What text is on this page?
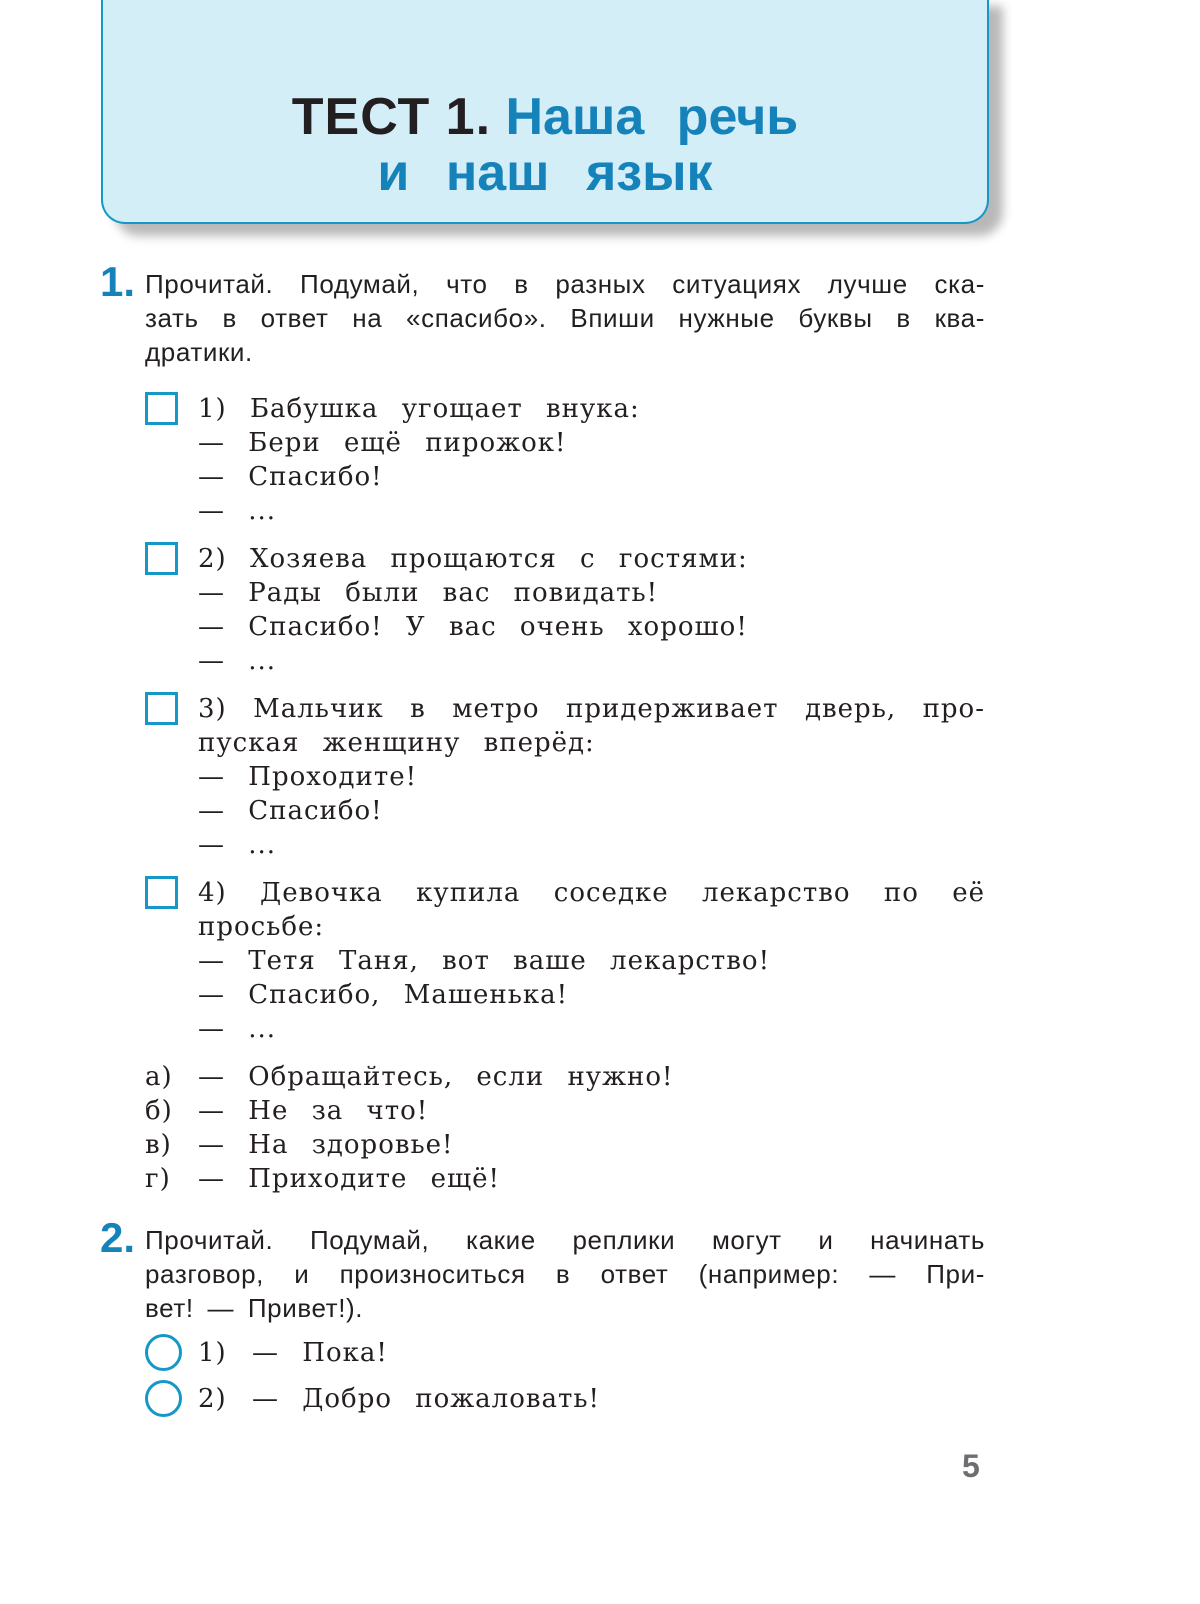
ТЕСТ 1. Наша речь
и наш язык
1. Прочитай. Подумай, что в разных ситуациях лучше ска-
зать в ответ на «спасибо». Впиши нужные буквы в ква-
дратики.
1) Бабушка угощает внука:
— Бери ещё пирожок!
— Спасибо!
— ...
2) Хозяева прощаются с гостями:
— Рады были вас повидать!
— Спасибо! У вас очень хорошо!
— ...
3) Мальчик в метро придерживает дверь, про-
пуская женщину вперёд:
— Проходите!
— Спасибо!
— ...
4) Девочка купила соседке лекарство по её
просьбе:
— Тетя Таня, вот ваше лекарство!
— Спасибо, Машенька!
— ...
а) — Обращайтесь, если нужно!
б) — Не за что!
в) — На здоровье!
г) — Приходите ещё!
2. Прочитай. Подумай, какие реплики могут и начинать
разговор, и произноситься в ответ (например: — При-
вет! — Привет!).
1) — Пока!
2) — Добро пожаловать!
5
